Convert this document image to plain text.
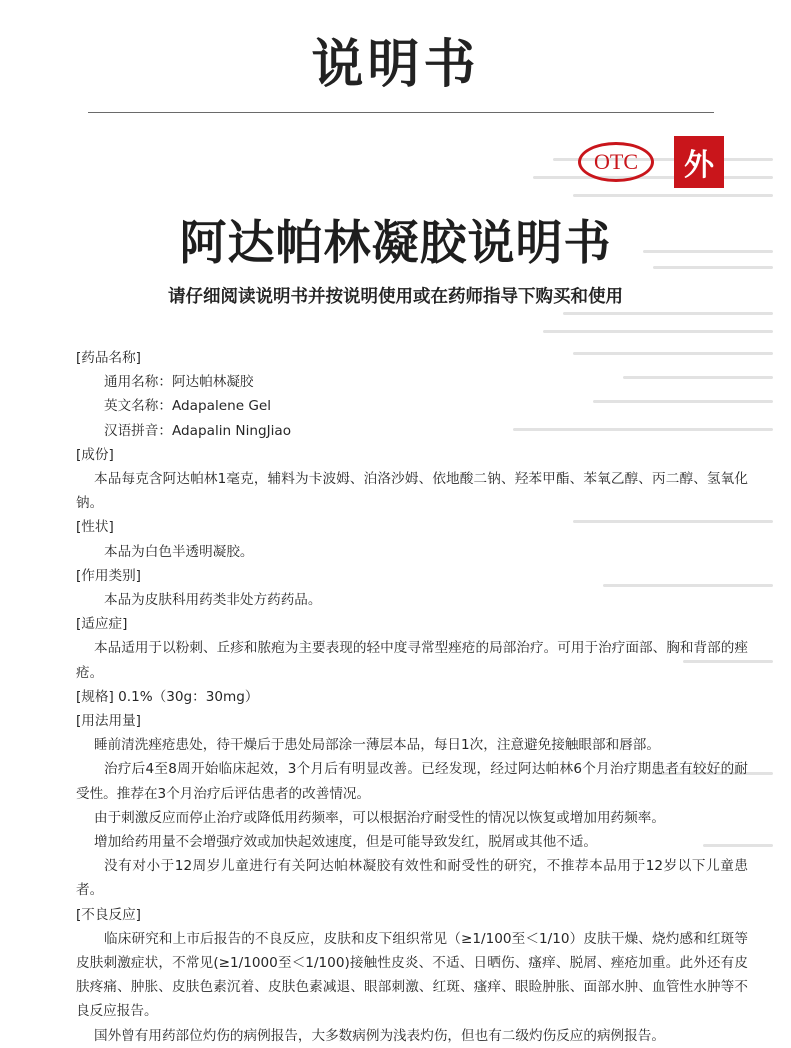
说明书
OTC 外
阿达帕林凝胶说明书
请仔细阅读说明书并按说明使用或在药师指导下购买和使用
[药品名称]
通用名称：阿达帕林凝胶
英文名称：Adapalene Gel
汉语拼音：Adapalin NingJiao
[成份]

本品每克含阿达帕林1毫克，辅料为卡波姆、泊洛沙姆、依地酸二钠、羟苯甲酯、苯氧乙醇、丙二醇、氢氧化钠。

[性状]

本品为白色半透明凝胶。

[作用类别]

本品为皮肤科用药类非处方药药品。

[适应症]

本品适用于以粉刺、丘疹和脓疱为主要表现的轻中度寻常型痤疮的局部治疗。可用于治疗面部、胸和背部的痤疮。

[规格] 0.1%（30g：30mg）
[用法用量]

睡前清洗痤疮患处，待干燥后于患处局部涂一薄层本品，每日1次，注意避免接触眼部和唇部。

治疗后4至8周开始临床起效，3个月后有明显改善。已经发现，经过阿达帕林6个月治疗期患者有较好的耐受性。推荐在3个月治疗后评估患者的改善情况。

由于刺激反应而停止治疗或降低用药频率，可以根据治疗耐受性的情况以恢复或增加用药频率。

增加给药用量不会增强疗效或加快起效速度，但是可能导致发红，脱屑或其他不适。

没有对小于12周岁儿童进行有关阿达帕林凝胶有效性和耐受性的研究，不推荐本品用于12岁以下儿童患者。

[不良反应]

临床研究和上市后报告的不良反应，皮肤和皮下组织常见（≥1/100至＜1/10）皮肤干燥、烧灼感和红斑等皮肤刺激症状，不常见(≥1/1000至＜1/100)接触性皮炎、不适、日晒伤、瘙痒、脱屑、痤疮加重。此外还有皮肤疼痛、肿胀、皮肤色素沉着、皮肤色素减退、眼部刺激、红斑、瘙痒、眼睑肿胀、面部水肿、血管性水肿等不良反应报告。

国外曾有用药部位灼伤的病例报告，大多数病例为浅表灼伤，但也有二级灼伤反应的病例报告。
